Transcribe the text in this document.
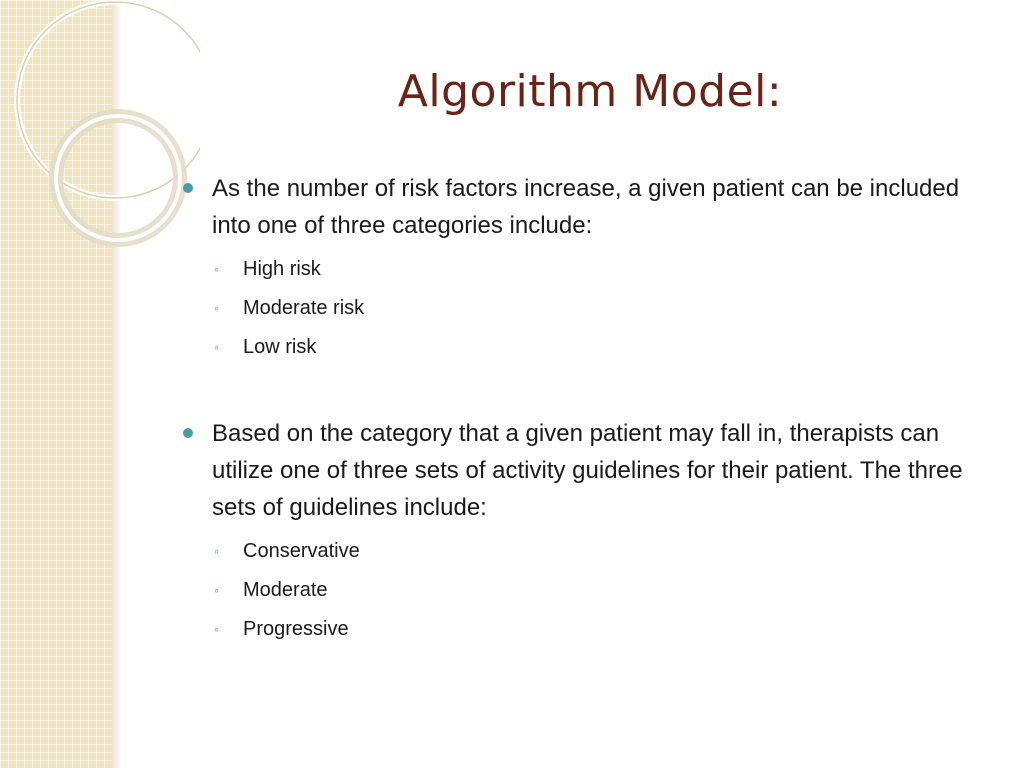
Algorithm Model:
As the number of risk factors increase, a given patient can be included into one of three categories include:
◦ High risk
◦ Moderate risk
◦ Low risk
Based on the category that a given patient may fall in, therapists can utilize one of three sets of activity guidelines for their patient. The three sets of guidelines include:
◦ Conservative
◦ Moderate
◦ Progressive
